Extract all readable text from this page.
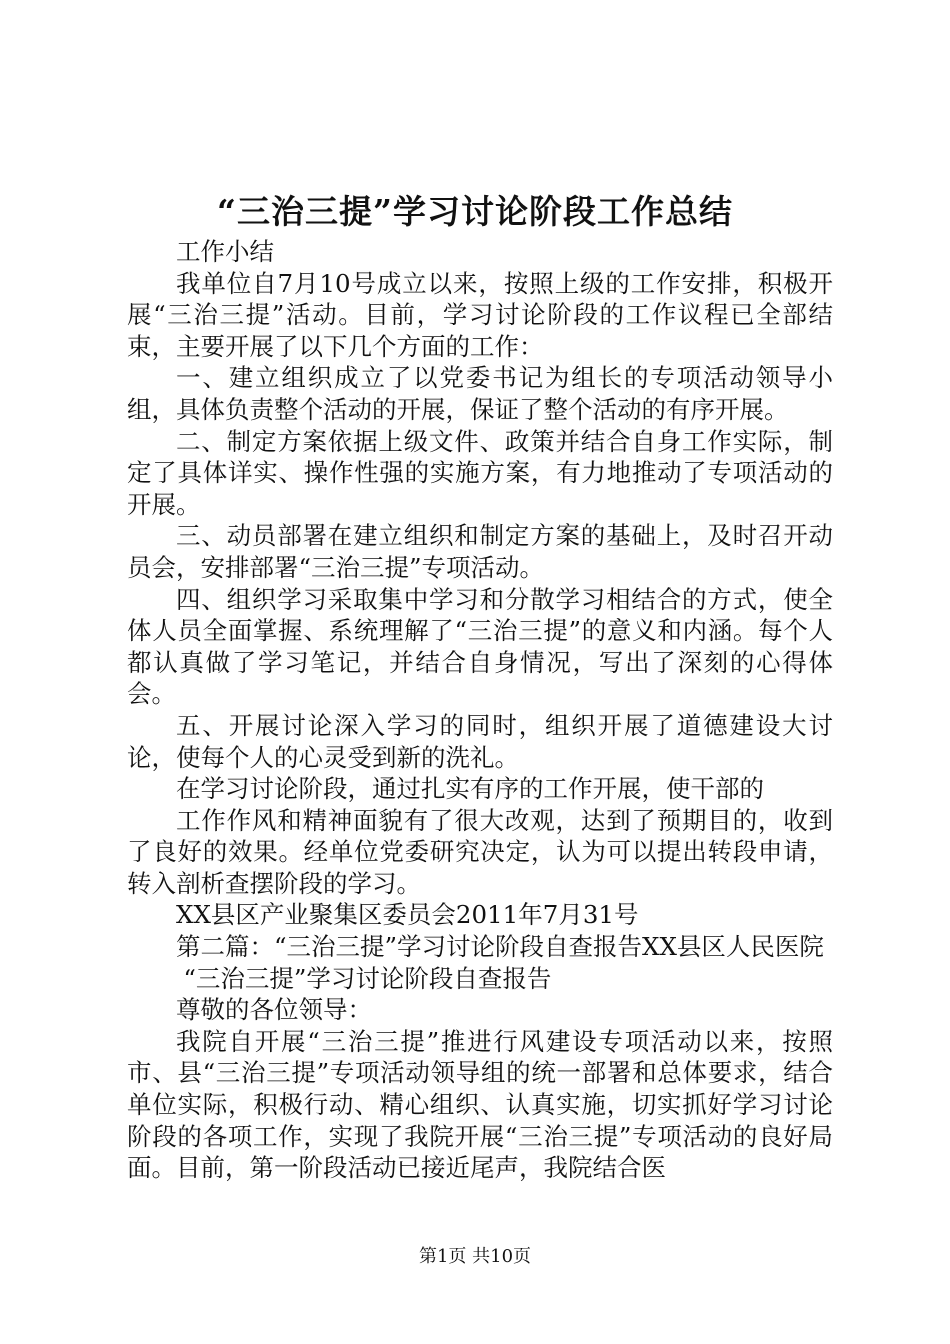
“三治三提”学习讨论阶段工作总结

工作小结

我单位自7月10号成立以来，按照上级的工作安排，积极开展“三治三提”活动。目前，学习讨论阶段的工作议程已全部结束，主要开展了以下几个方面的工作：

一、建立组织成立了以党委书记为组长的专项活动领导小组，具体负责整个活动的开展，保证了整个活动的有序开展。

二、制定方案依据上级文件、政策并结合自身工作实际，制定了具体详实、操作性强的实施方案，有力地推动了专项活动的开展。

三、动员部署在建立组织和制定方案的基础上，及时召开动员会，安排部署“三治三提”专项活动。

四、组织学习采取集中学习和分散学习相结合的方式，使全体人员全面掌握、系统理解了“三治三提”的意义和内涵。每个人都认真做了学习笔记，并结合自身情况，写出了深刻的心得体会。

五、开展讨论深入学习的同时，组织开展了道德建设大讨论，使每个人的心灵受到新的洗礼。

在学习讨论阶段，通过扎实有序的工作开展，使干部的

工作作风和精神面貌有了很大改观，达到了预期目的，收到了良好的效果。经单位党委研究决定，认为可以提出转段申请，转入剖析查摆阶段的学习。

XX县区产业聚集区委员会2011年7月31号

第二篇：“三治三提”学习讨论阶段自查报告XX县区人民医院

“三治三提”学习讨论阶段自查报告

尊敬的各位领导：

我院自开展“三治三提”推进行风建设专项活动以来，按照市、县“三治三提”专项活动领导组的统一部署和总体要求，结合单位实际，积极行动、精心组织、认真实施，切实抓好学习讨论阶段的各项工作，实现了我院开展“三治三提”专项活动的良好局面。目前，第一阶段活动已接近尾声，我院结合医

第1页 共10页
